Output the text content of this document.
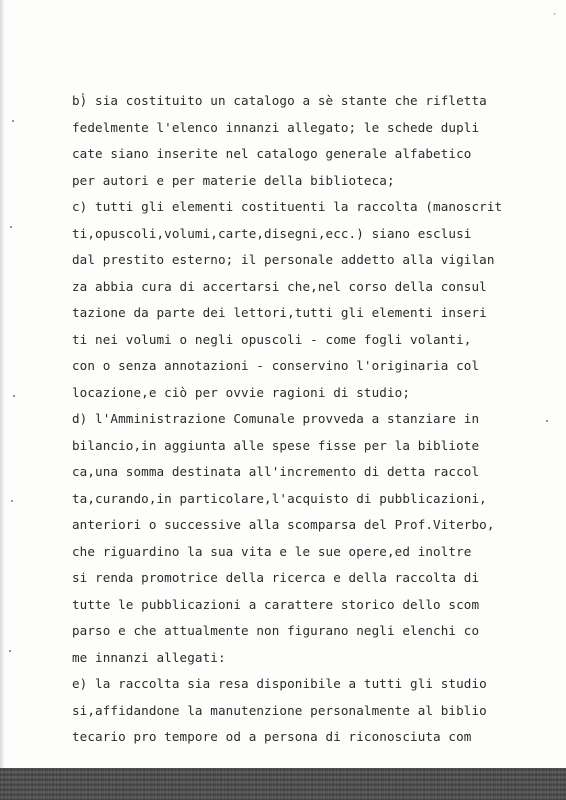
·
b) sia costituito un catalogo a sè stante che rifletta
fedelmente l'elenco innanzi allegato; le schede dupli
cate siano inserite nel catalogo generale alfabetico
per autori e per materie della biblioteca;
c) tutti gli elementi costituenti la raccolta (manoscrit
ti,opuscoli,volumi,carte,disegni,ecc.) siano esclusi
dal prestito esterno; il personale addetto alla vigilan
za abbia cura di accertarsi che,nel corso della consul
tazione da parte dei lettori,tutti gli elementi inseri
ti nei volumi o negli opuscoli - come fogli volanti,
con o senza annotazioni - conservino l'originaria col
locazione,e ciò per ovvie ragioni di studio;
d) l'Amministrazione Comunale provveda a stanziare in
bilancio,in aggiunta alle spese fisse per la bibliote
ca,una somma destinata all'incremento di detta raccol
ta,curando,in particolare,l'acquisto di pubblicazioni,
anteriori o successive alla scomparsa del Prof.Viterbo,
che riguardino la sua vita e le sue opere,ed inoltre
si renda promotrice della ricerca e della raccolta di
tutte le pubblicazioni a carattere storico dello scom
parso e che attualmente non figurano negli elenchi co
me innanzi allegati:
e) la raccolta sia resa disponibile a tutti gli studio
si,affidandone la manutenzione personalmente al biblio
tecario pro tempore od a persona di riconosciuta com
